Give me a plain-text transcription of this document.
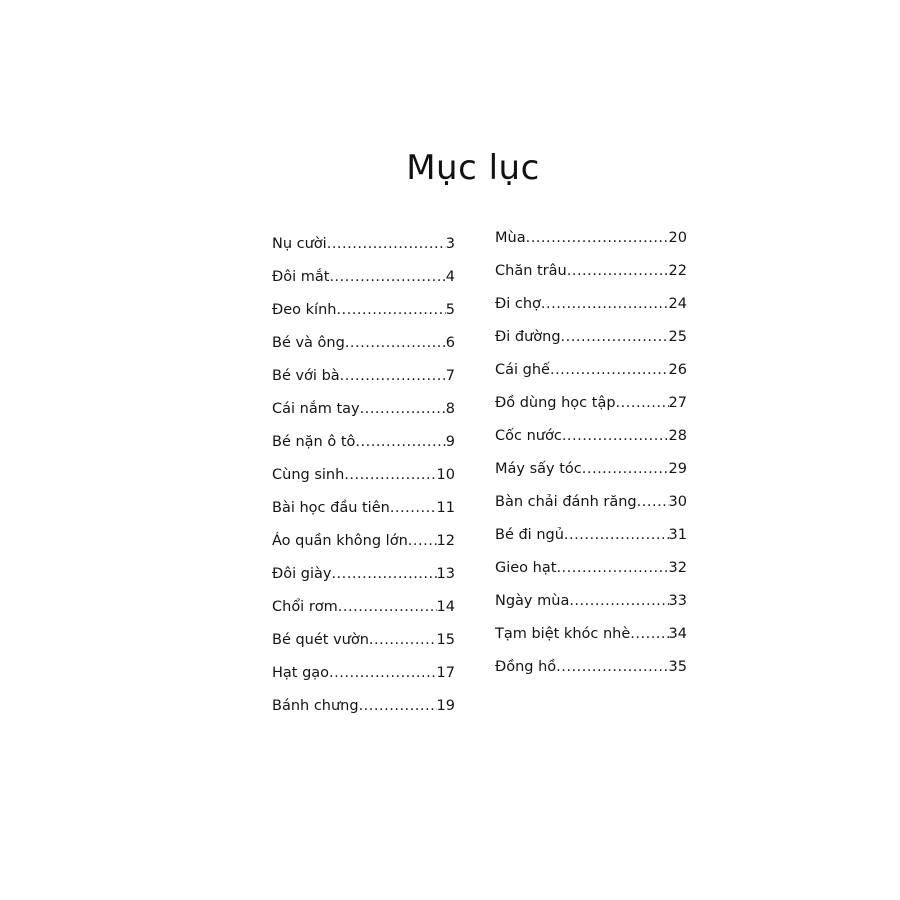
Mục lục
Nụ cười .....	3
Đôi mắt .....	4
Đeo kính .....	5
Bé và ông .....	6
Bé với bà .....	7
Cái nắm tay .....	8
Bé nặn ô tô .....	9
Cùng sinh .....	10
Bài học đầu tiên .....	11
Áo quần không lớn ..... 12
Đôi giày .....	13
Chổi rơm .....	14
Bé quét vườn .....	15
Hạt gạo .....	17
Bánh chưng .....	19
Mùa .....	20
Chăn trâu .....	22
Đi chợ .....	24
Đi đường .....	25
Cái ghế .....	26
Đồ dùng học tập .....	27
Cốc nước .....	28
Máy sấy tóc .....	29
Bàn chải đánh răng ..... 30
Bé đi ngủ .....	31
Gieo hạt .....	32
Ngày mùa .....	33
Tạm biệt khóc nhè .....	34
Đồng hồ .....	35
